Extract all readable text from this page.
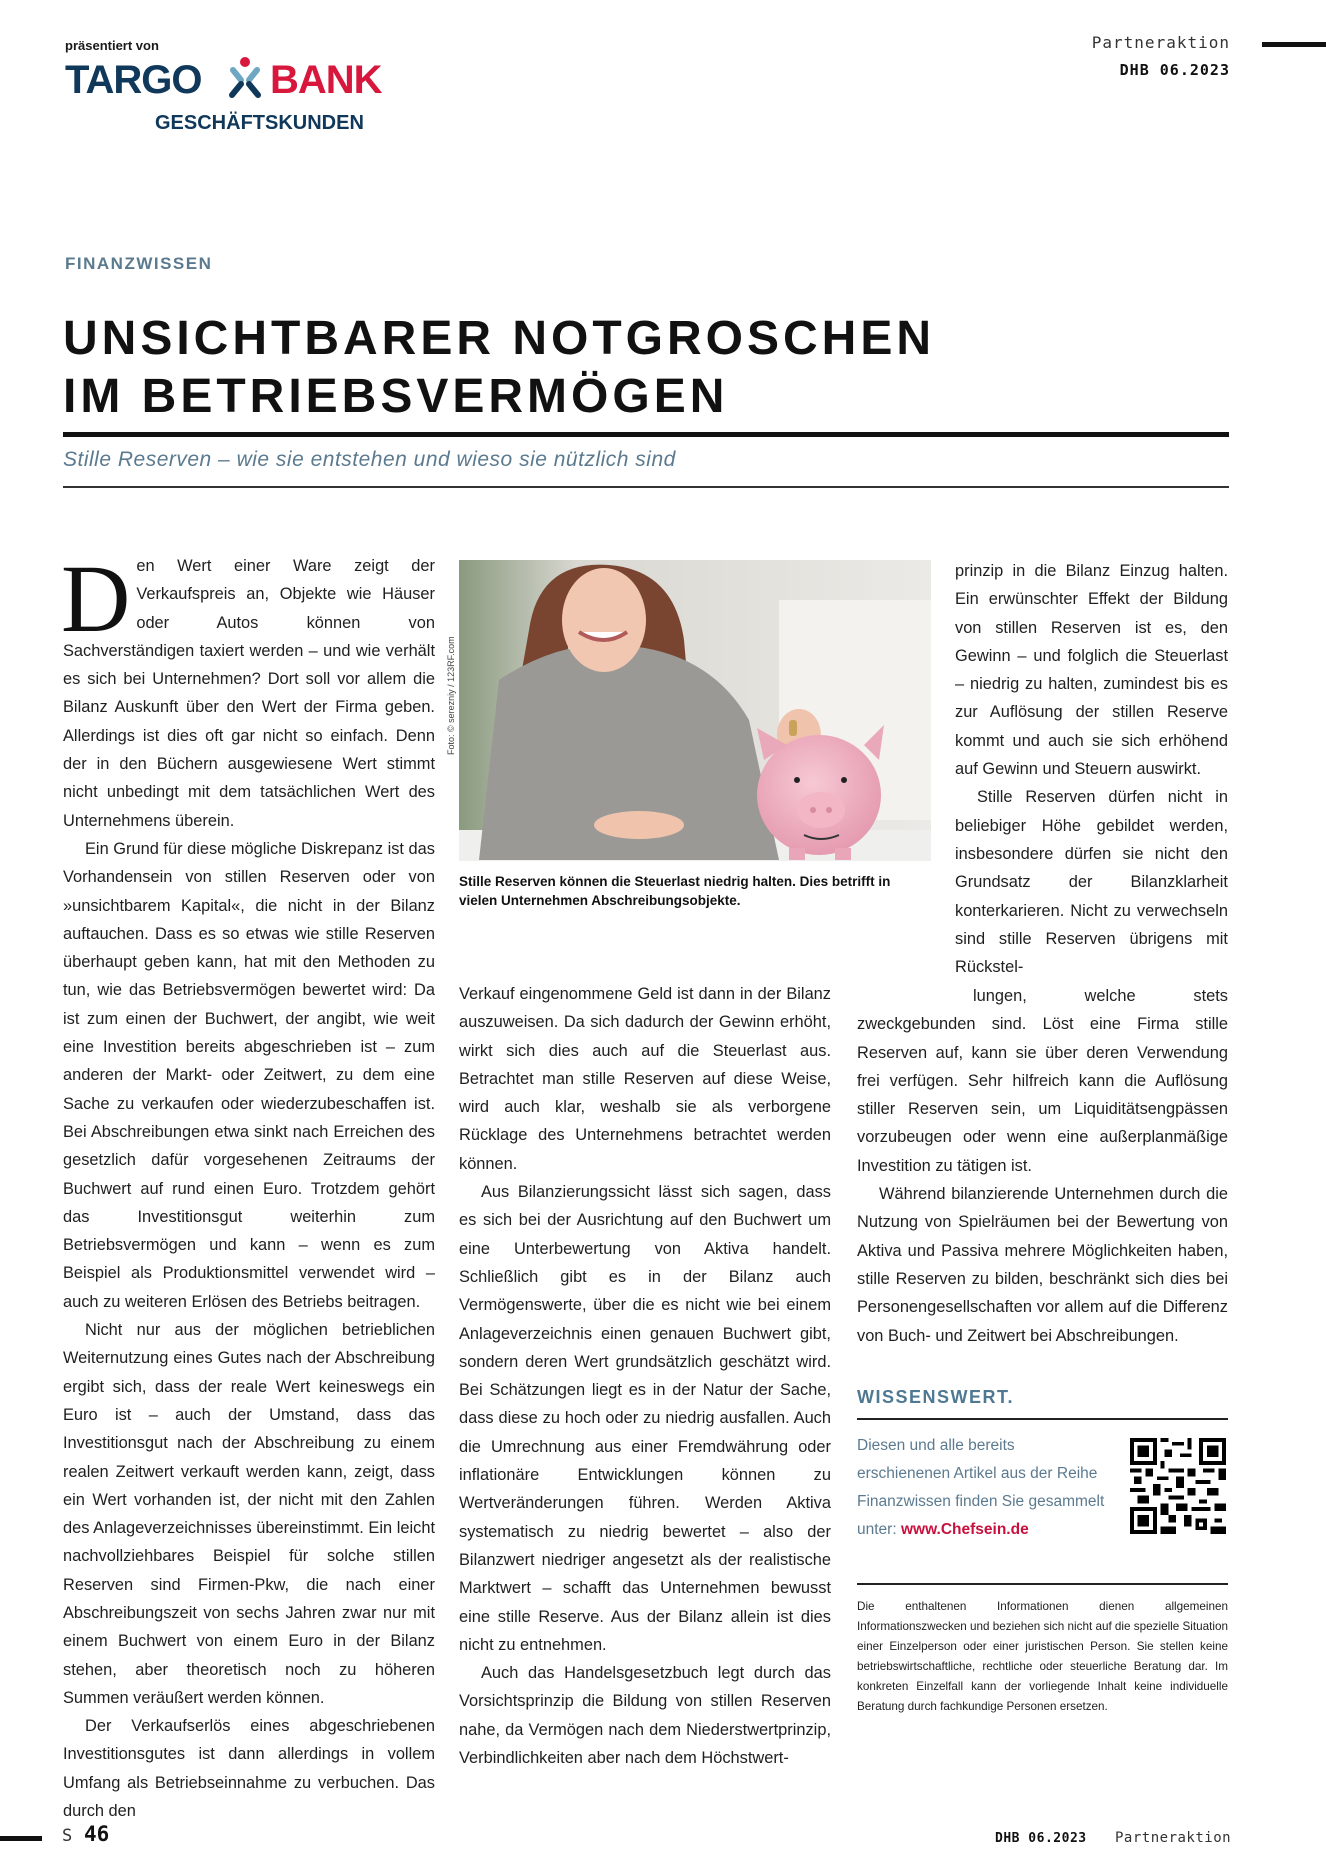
präsentiert von
TARGO BANK
GESCHÄFTSKUNDEN
Partneraktion
DHB 06.2023
FINANZWISSEN
UNSICHTBARER NOTGROSCHEN
IM BETRIEBSVERMÖGEN
Stille Reserven – wie sie entstehen und wieso sie nützlich sind

Den Wert einer Ware zeigt der Verkaufspreis an, Objekte wie Häuser oder Autos können von Sachverständigen taxiert werden – und wie verhält es sich bei Unternehmen? Dort soll vor allem die Bilanz Auskunft über den Wert der Firma geben. Allerdings ist dies oft gar nicht so einfach. Denn der in den Büchern ausgewiesene Wert stimmt nicht unbedingt mit dem tatsächlichen Wert des Unternehmens überein.

Ein Grund für diese mögliche Diskrepanz ist das Vorhandensein von stillen Reserven oder von »unsichtbarem Kapital«, die nicht in der Bilanz auftauchen. Dass es so etwas wie stille Reserven überhaupt geben kann, hat mit den Methoden zu tun, wie das Betriebsvermögen bewertet wird: Da ist zum einen der Buchwert, der angibt, wie weit eine Investition bereits abgeschrieben ist – zum anderen der Markt- oder Zeitwert, zu dem eine Sache zu verkaufen oder wiederzubeschaffen ist. Bei Abschreibungen etwa sinkt nach Erreichen des gesetzlich dafür vorgesehenen Zeitraums der Buchwert auf rund einen Euro. Trotzdem gehört das Investitionsgut weiterhin zum Betriebsvermögen und kann – wenn es zum Beispiel als Produktionsmittel verwendet wird – auch zu weiteren Erlösen des Betriebs beitragen.

Nicht nur aus der möglichen betrieblichen Weiternutzung eines Gutes nach der Abschreibung ergibt sich, dass der reale Wert keineswegs ein Euro ist – auch der Umstand, dass das Investitionsgut nach der Abschreibung zu einem realen Zeitwert verkauft werden kann, zeigt, dass ein Wert vorhanden ist, der nicht mit den Zahlen des Anlageverzeichnisses übereinstimmt. Ein leicht nachvollziehbares Beispiel für solche stillen Reserven sind Firmen-Pkw, die nach einer Abschreibungszeit von sechs Jahren zwar nur mit einem Buchwert von einem Euro in der Bilanz stehen, aber theoretisch noch zu höheren Summen veräußert werden können.

Der Verkaufserlös eines abgeschriebenen Investitionsgutes ist dann allerdings in vollem Umfang als Betriebseinnahme zu verbuchen. Das durch den

Foto: © serezniy / 123RF.com
Stille Reserven können die Steuerlast niedrig halten. Dies betrifft in vielen Unternehmen Abschreibungsobjekte.

Verkauf eingenommene Geld ist dann in der Bilanz auszuweisen. Da sich dadurch der Gewinn erhöht, wirkt sich dies auch auf die Steuerlast aus. Betrachtet man stille Reserven auf diese Weise, wird auch klar, weshalb sie als verborgene Rücklage des Unternehmens betrachtet werden können.

Aus Bilanzierungssicht lässt sich sagen, dass es sich bei der Ausrichtung auf den Buchwert um eine Unterbewertung von Aktiva handelt. Schließlich gibt es in der Bilanz auch Vermögenswerte, über die es nicht wie bei einem Anlageverzeichnis einen genauen Buchwert gibt, sondern deren Wert grundsätzlich geschätzt wird. Bei Schätzungen liegt es in der Natur der Sache, dass diese zu hoch oder zu niedrig ausfallen. Auch die Umrechnung aus einer Fremdwährung oder inflationäre Entwicklungen können zu Wertveränderungen führen. Werden Aktiva systematisch zu niedrig bewertet – also der Bilanzwert niedriger angesetzt als der realistische Marktwert – schafft das Unternehmen bewusst eine stille Reserve. Aus der Bilanz allein ist dies nicht zu entnehmen.

Auch das Handelsgesetzbuch legt durch das Vorsichtsprinzip die Bildung von stillen Reserven nahe, da Vermögen nach dem Niederstwertprinzip, Verbindlichkeiten aber nach dem Höchstwert-

prinzip in die Bilanz Einzug halten. Ein erwünschter Effekt der Bildung von stillen Reserven ist es, den Gewinn – und folglich die Steuerlast – niedrig zu halten, zumindest bis es zur Auflösung der stillen Reserve kommt und auch sie sich erhöhend auf Gewinn und Steuern auswirkt.

Stille Reserven dürfen nicht in beliebiger Höhe gebildet werden, insbesondere dürfen sie nicht den Grundsatz der Bilanzklarheit konterkarieren. Nicht zu verwechseln sind stille Reserven übrigens mit Rückstel-

lungen, welche stets zweckgebunden sind. Löst eine Firma stille Reserven auf, kann sie über deren Verwendung frei verfügen. Sehr hilfreich kann die Auflösung stiller Reserven sein, um Liquiditätsengpässen vorzubeugen oder wenn eine außerplanmäßige Investition zu tätigen ist.

Während bilanzierende Unternehmen durch die Nutzung von Spielräumen bei der Bewertung von Aktiva und Passiva mehrere Möglichkeiten haben, stille Reserven zu bilden, beschränkt sich dies bei Personengesellschaften vor allem auf die Differenz von Buch- und Zeitwert bei Abschreibungen.

WISSENSWERT.
Diesen und alle bereits erschienenen Artikel aus der Reihe Finanzwissen finden Sie gesammelt unter: www.Chefsein.de
Die enthaltenen Informationen dienen allgemeinen Informationszwecken und beziehen sich nicht auf die spezielle Situation einer Einzelperson oder einer juristischen Person. Sie stellen keine betriebswirtschaftliche, rechtliche oder steuerliche Beratung dar. Im konkreten Einzelfall kann der vorliegende Inhalt keine individuelle Beratung durch fachkundige Personen ersetzen.
S 46	DHB 06.2023 Partneraktion
